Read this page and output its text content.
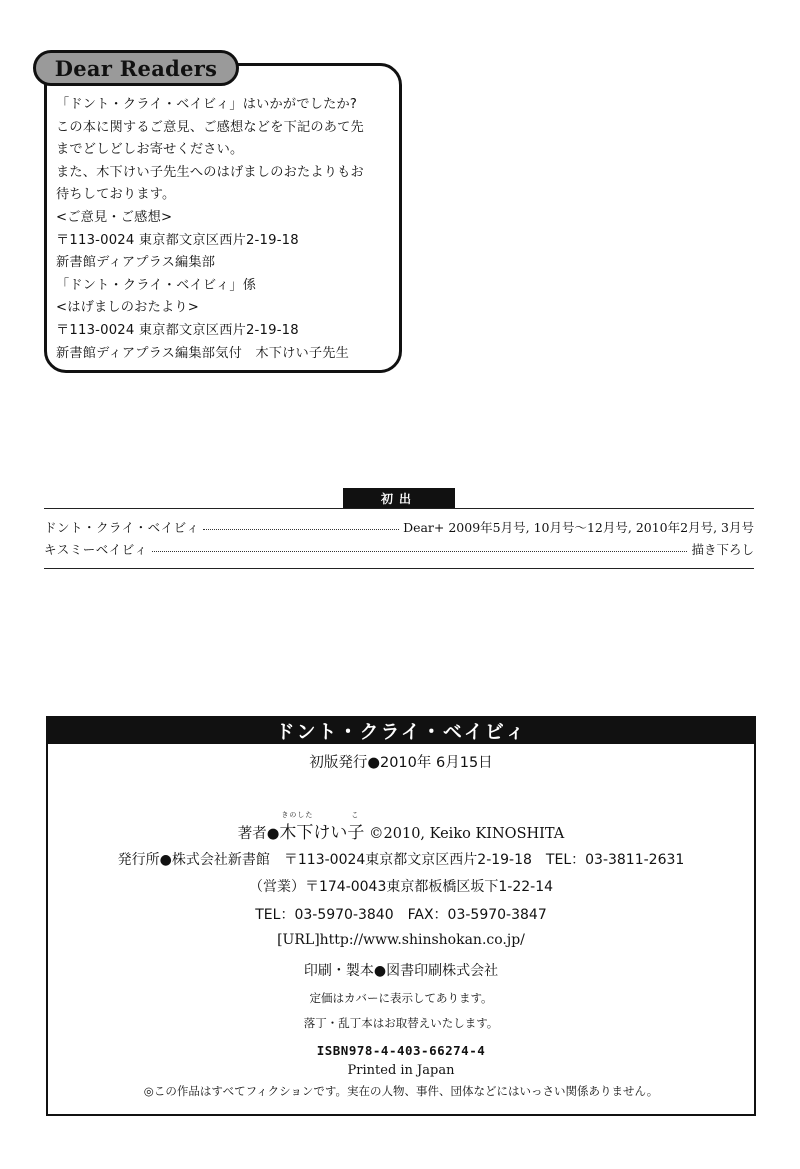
Dear Readers
「ドント・クライ・ベイビィ」はいかがでしたか?
この本に関するご意見、ご感想などを下記のあて先
までどしどしお寄せください。
また、木下けい子先生へのはげましのおたよりもお
待ちしております。
<ご意見・ご感想>
〒113-0024 東京都文京区西片2-19-18
新書館ディアプラス編集部
「ドント・クライ・ベイビィ」係
<はげましのおたより>
〒113-0024 東京都文京区西片2-19-18
新書館ディアプラス編集部気付　木下けい子先生
初出
ドント・クライ・ベイビィ	Dear+ 2009年5月号, 10月号〜12月号, 2010年2月号, 3月号
キスミーベイビィ	描き下ろし
ドント・クライ・ベイビィ
初版発行●2010年 6月15日
著者●
きのした	こ
木下けい子 ©2010, Keiko KINOSHITA
発行所●株式会社新書館　〒113-0024東京都文京区西片2-19-18　TEL：03-3811-2631
（営業）〒174-0043東京都板橋区坂下1-22-14
TEL：03-5970-3840　FAX：03-5970-3847
[URL]http://www.shinshokan.co.jp/
印刷・製本●図書印刷株式会社
定価はカバーに表示してあります。
落丁・乱丁本はお取替えいたします。
ISBN978-4-403-66274-4
Printed in Japan
◎この作品はすべてフィクションです。実在の人物、事件、団体などにはいっさい関係ありません。
